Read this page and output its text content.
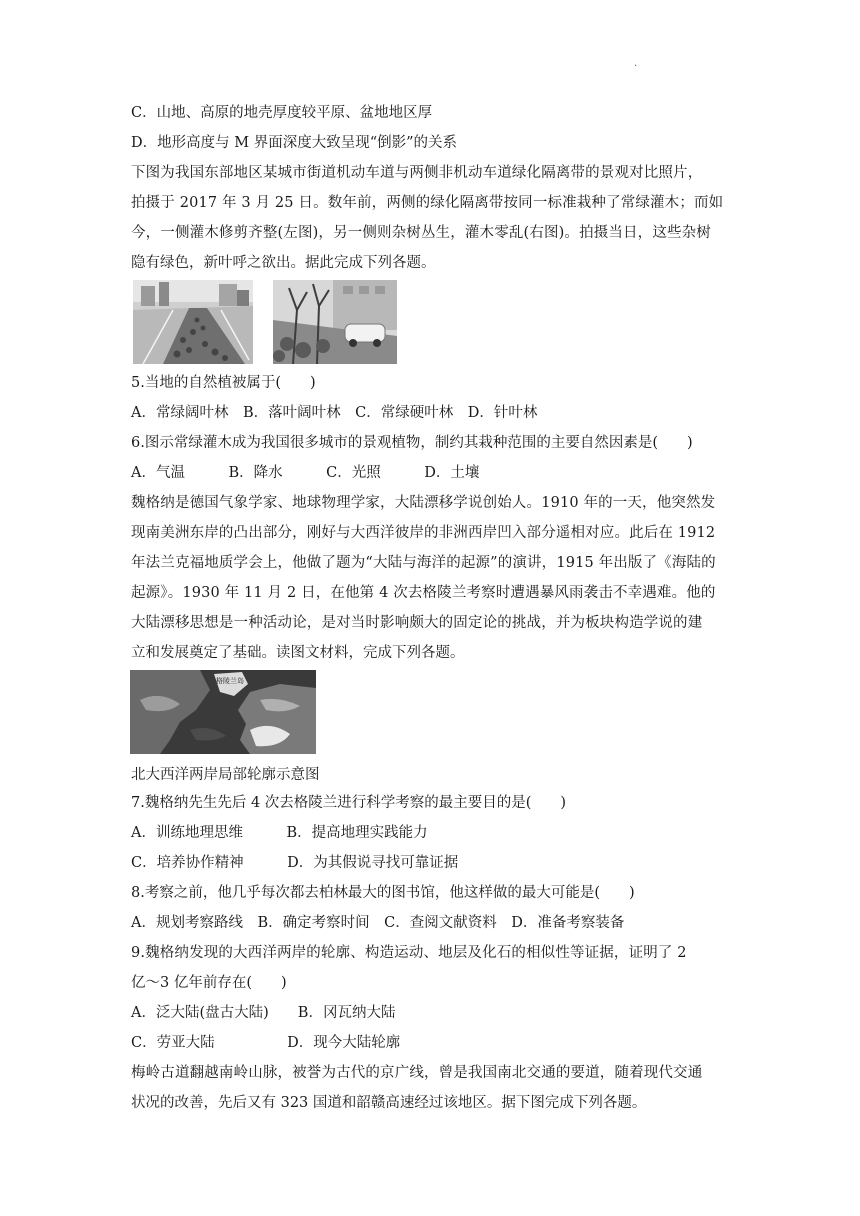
.
C．山地、高原的地壳厚度较平原、盆地地区厚
D．地形高度与 M 界面深度大致呈现“倒影”的关系
下图为我国东部地区某城市街道机动车道与两侧非机动车道绿化隔离带的景观对比照片，
拍摄于 2017 年 3 月 25 日。数年前，两侧的绿化隔离带按同一标准栽种了常绿灌木；而如
今，一侧灌木修剪齐整(左图)，另一侧则杂树丛生，灌木零乱(右图)。拍摄当日，这些杂树
隐有绿色，新叶呼之欲出。据此完成下列各题。
5.当地的自然植被属于(　　)
A．常绿阔叶林　B．落叶阔叶林　C．常绿硬叶林　D．针叶林
6.图示常绿灌木成为我国很多城市的景观植物，制约其栽种范围的主要自然因素是(　　)
A．气温　　　B．降水　　　C．光照　　　D．土壤
魏格纳是德国气象学家、地球物理学家，大陆漂移学说创始人。1910 年的一天，他突然发
现南美洲东岸的凸出部分，刚好与大西洋彼岸的非洲西岸凹入部分遥相对应。此后在 1912
年法兰克福地质学会上，他做了题为“大陆与海洋的起源”的演讲，1915 年出版了《海陆的
起源》。1930 年 11 月 2 日，在他第 4 次去格陵兰考察时遭遇暴风雨袭击不幸遇难。他的
大陆漂移思想是一种活动论，是对当时影响颇大的固定论的挑战，并为板块构造学说的建
立和发展奠定了基础。读图文材料，完成下列各题。
格陵兰岛
北大西洋两岸局部轮廓示意图
7.魏格纳先生先后 4 次去格陵兰进行科学考察的最主要目的是(　　)
A．训练地理思维　　　B．提高地理实践能力
C．培养协作精神　　　D．为其假说寻找可靠证据
8.考察之前，他几乎每次都去柏林最大的图书馆，他这样做的最大可能是(　　)
A．规划考察路线　B．确定考察时间　C．查阅文献资料　D．准备考察装备
9.魏格纳发现的大西洋两岸的轮廓、构造运动、地层及化石的相似性等证据，证明了 2
亿～3 亿年前存在(　　)
A．泛大陆(盘古大陆)　　B．冈瓦纳大陆
C．劳亚大陆　　　　　D．现今大陆轮廓
梅岭古道翻越南岭山脉，被誉为古代的京广线，曾是我国南北交通的要道，随着现代交通
状况的改善，先后又有 323 国道和韶赣高速经过该地区。据下图完成下列各题。
